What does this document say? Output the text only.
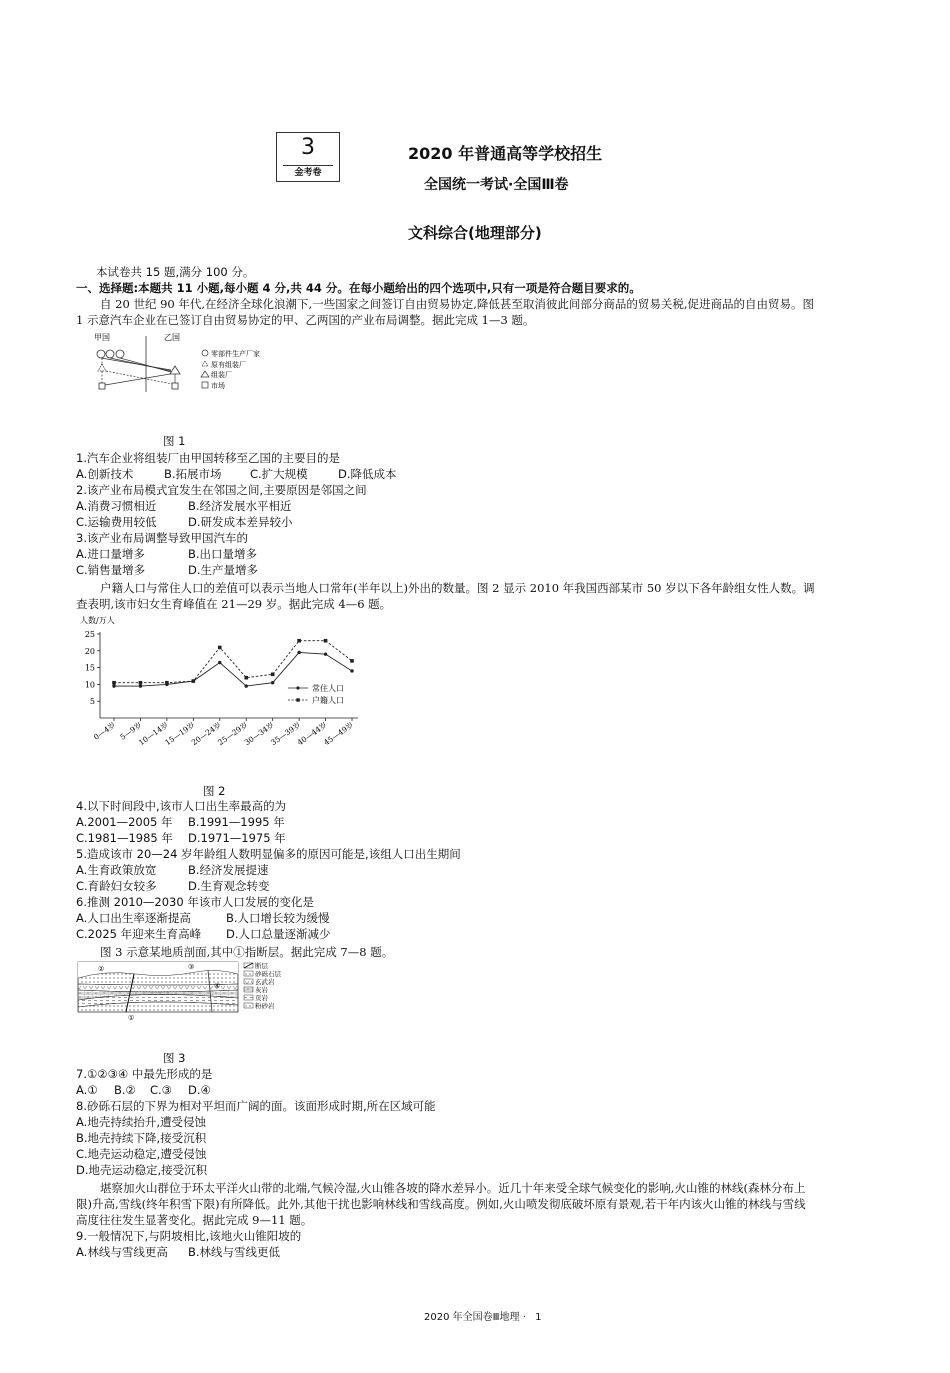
3
金考卷
2020 年普通高等学校招生
全国统一考试·全国Ⅲ卷
文科综合(地理部分)
本试卷共 15 题,满分 100 分。
一、选择题:本题共 11 小题,每小题 4 分,共 44 分。在每小题给出的四个选项中,只有一项是符合题目要求的。
自 20 世纪 90 年代,在经济全球化浪潮下,一些国家之间签订自由贸易协定,降低甚至取消彼此间部分商品的贸易关税,促进商品的自由贸易。图
1 示意汽车企业在已签订自由贸易协定的甲、乙两国的产业布局调整。据此完成 1—3 题。
甲国	乙国
零部件生产厂家
原有组装厂
组装厂
市场
图 1
1.汽车企业将组装厂由甲国转移至乙国的主要目的是
A.创新技术	B.拓展市场 C.扩大规模	D.降低成本
2.该产业布局模式宜发生在邻国之间,主要原因是邻国之间
A.消费习惯相近	B.经济发展水平相近
C.运输费用较低	D.研发成本差异较小
3.该产业布局调整导致甲国汽车的
A.进口量增多	B.出口量增多
C.销售量增多	D.生产量增多
户籍人口与常住人口的差值可以表示当地人口常年(半年以上)外出的数量。图 2 显示 2010 年我国西部某市 50 岁以下各年龄组女性人数。调
查表明,该市妇女生育峰值在 21—29 岁。据此完成 4—6 题。
人数/万人
5
10
15
20
25
0—4岁 5—9岁
10—14岁
15—19岁
20—24岁
25—29岁
30—34岁
35—39岁
40—44岁
45—49岁
常住人口
户籍人口
图 2
4.以下时间段中,该市人口出生率最高的为
A.2001—2005 年 B.1991—1995 年
C.1981—1985 年 D.1971—1975 年
5.造成该市 20—24 岁年龄组人数明显偏多的原因可能是,该组人口出生期间
A.生育政策放宽	B.经济发展提速
C.育龄妇女较多	D.生育观念转变
6.推测 2010—2030 年该市人口发展的变化是
A.人口出生率逐渐提高	B.人口增长较为缓慢
C.2025 年迎来生育高峰 D.人口总量逐渐减少
图 3 示意某地质剖面,其中①指断层。据此完成 7—8 题。
②	③
④
①
断层
砂砾石层
玄武岩
灰岩
页岩
粉砂岩
图 3
7.①②③④ 中最先形成的是
A.① B.② C.③ D.④
8.砂砾石层的下界为相对平坦而广阔的面。该面形成时期,所在区域可能
A.地壳持续抬升,遭受侵蚀
B.地壳持续下降,接受沉积
C.地壳运动稳定,遭受侵蚀
D.地壳运动稳定,接受沉积
堪察加火山群位于环太平洋火山带的北端,气候冷湿,火山锥各坡的降水差异小。近几十年来受全球气候变化的影响,火山锥的林线(森林分布上
限)升高,雪线(终年积雪下限)有所降低。此外,其他干扰也影响林线和雪线高度。例如,火山喷发彻底破坏原有景观,若干年内该火山锥的林线与雪线
高度往往发生显著变化。据此完成 9—11 题。
9.一般情况下,与阴坡相比,该地火山锥阳坡的
A.林线与雪线更高 B.林线与雪线更低
2020 年全国卷Ⅲ地理 · 1
